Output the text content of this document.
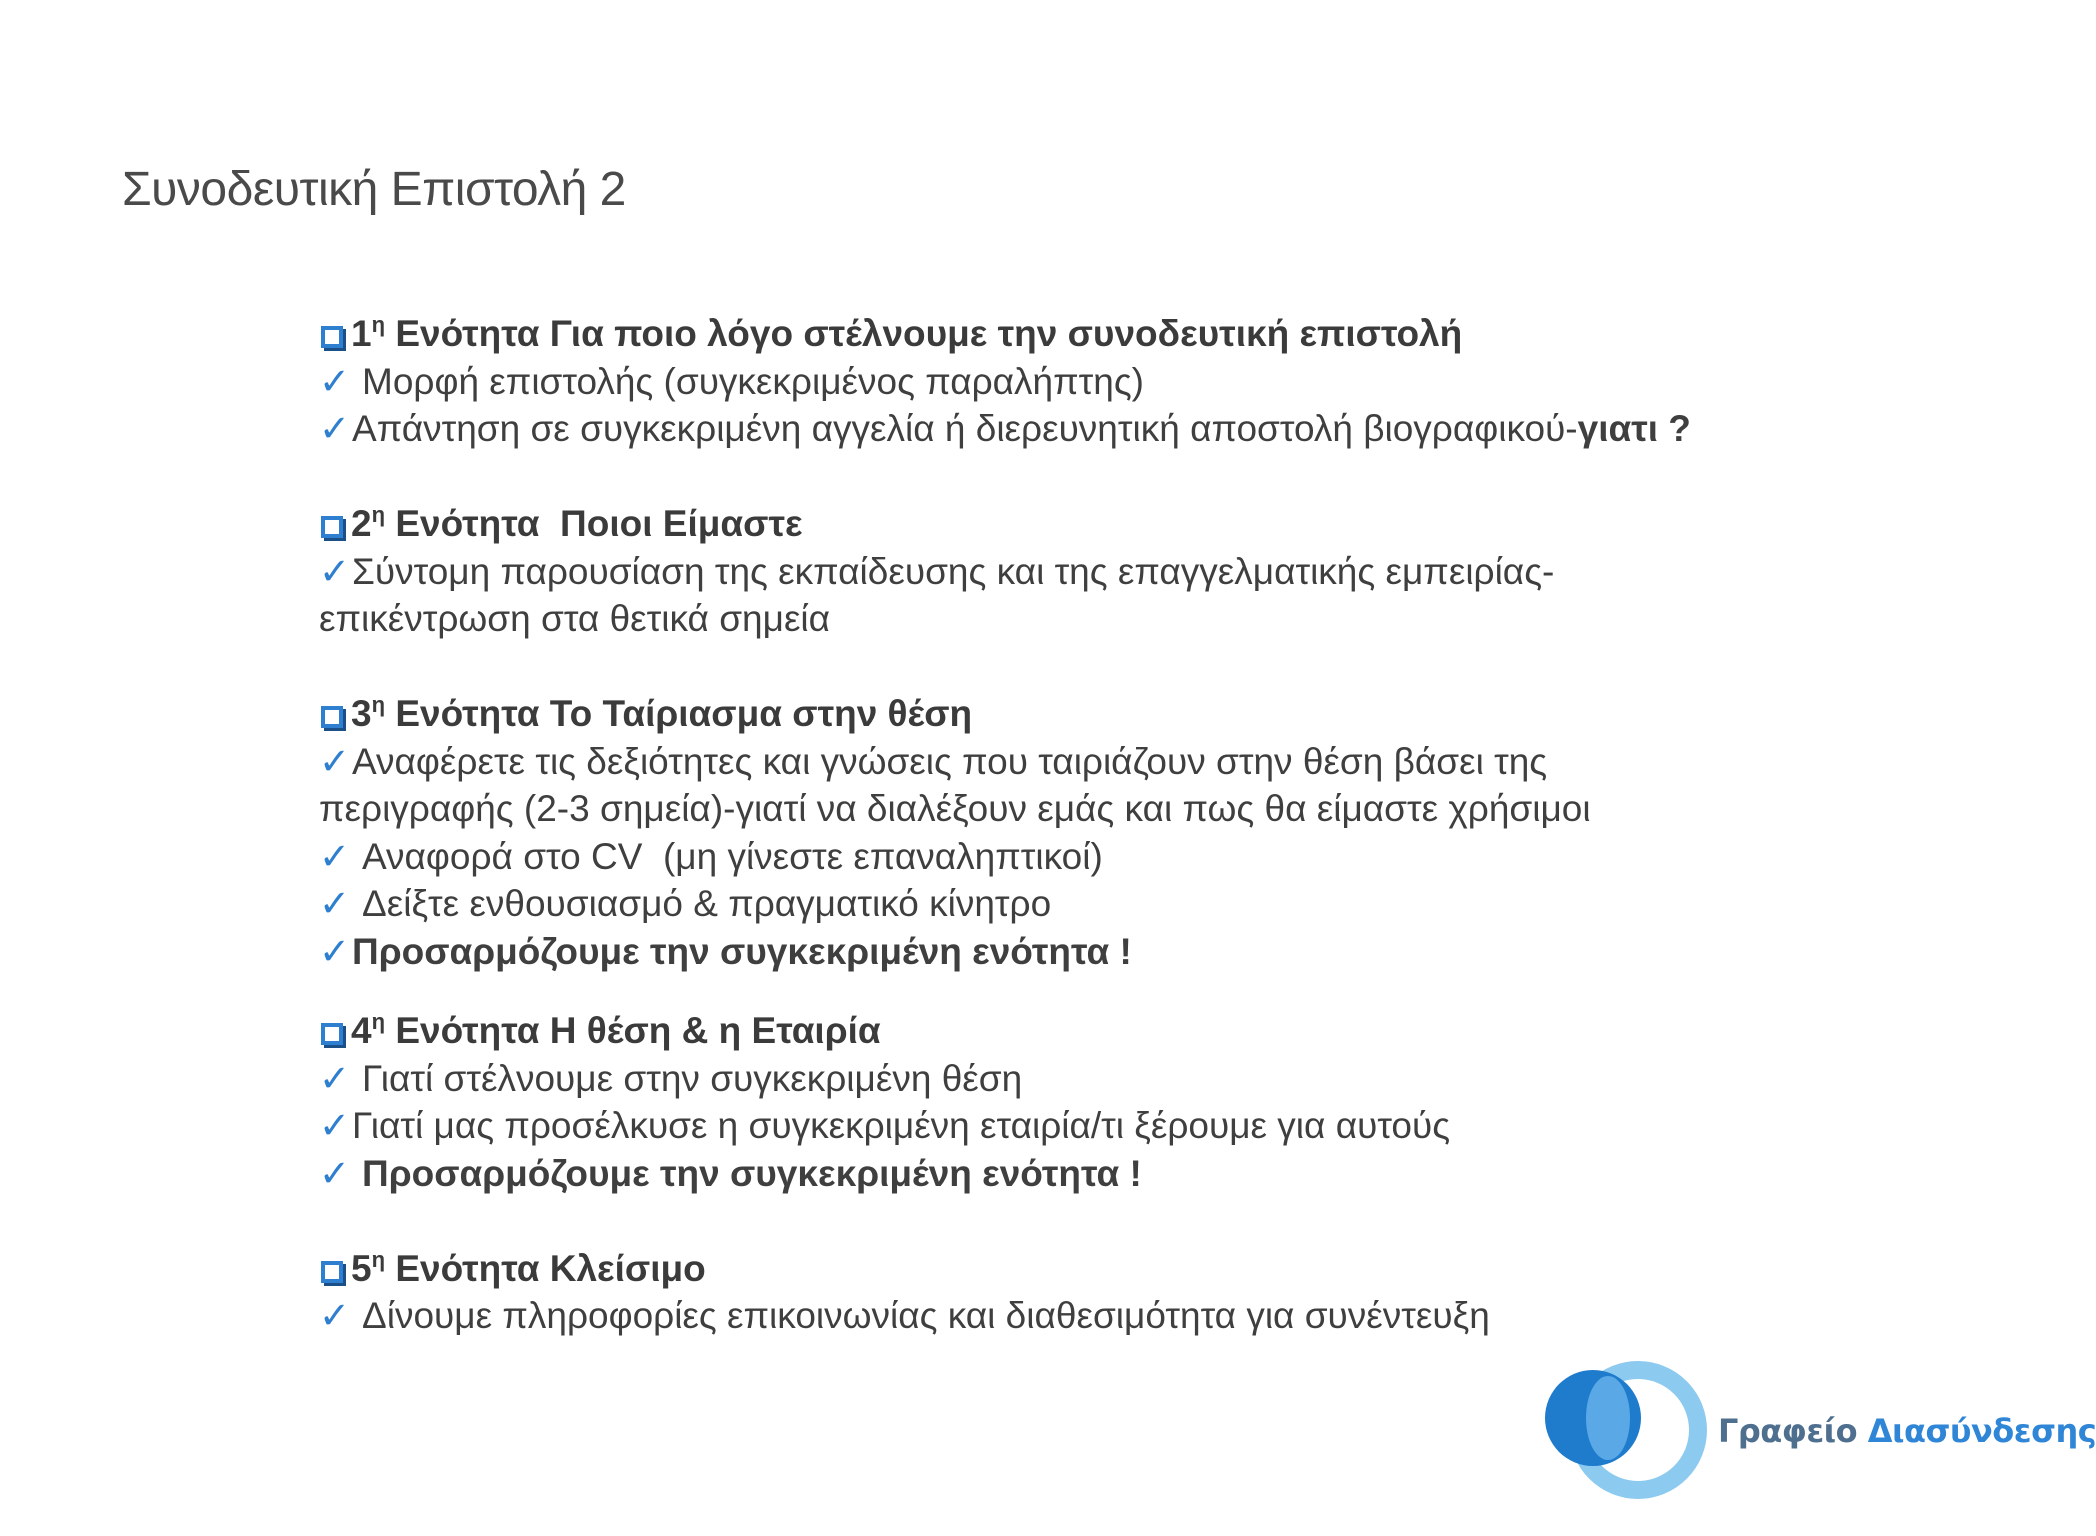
Συνοδευτική Επιστολή 2
$1^\eta$ Ενότητα Για ποιο λόγο στέλνουμε την συνοδευτική επιστολή
✓ Μορφή επιστολής (συγκεκριμένος παραλήπτης)
✓Απάντηση σε συγκεκριμένη αγγελία ή διερευνητική αποστολή βιογραφικού-γιατι ?
$2^\eta$ Ενότητα  Ποιοι Είμαστε
✓Σύντομη παρουσίαση της εκπαίδευσης και της επαγγελματικής εμπειρίας-επικέντρωση στα θετικά σημεία
$3^\eta$ Ενότητα Το Ταίριασμα στην θέση
✓Αναφέρετε τις δεξιότητες και γνώσεις που ταιριάζουν στην θέση βάσει της περιγραφής (2-3 σημεία)-γιατί να διαλέξουν εμάς και πως θα είμαστε χρήσιμοι
✓ Αναφορά στο CV  (μη γίνεστε επαναληπτικοί)
✓ Δείξτε ενθουσιασμό & πραγματικό κίνητρο
✓Προσαρμόζουμε την συγκεκριμένη ενότητα !
$4^\eta$ Ενότητα Η θέση & η Εταιρία
✓ Γιατί στέλνουμε στην συγκεκριμένη θέση
✓Γιατί μας προσέλκυσε η συγκεκριμένη εταιρία/τι ξέρουμε για αυτούς
✓ Προσαρμόζουμε την συγκεκριμένη ενότητα !
$5^\eta$ Ενότητα Κλείσιμο
✓ Δίνουμε πληροφορίες επικοινωνίας και διαθεσιμότητα για συνέντευξη
Γραφείο Διασύνδεσης
